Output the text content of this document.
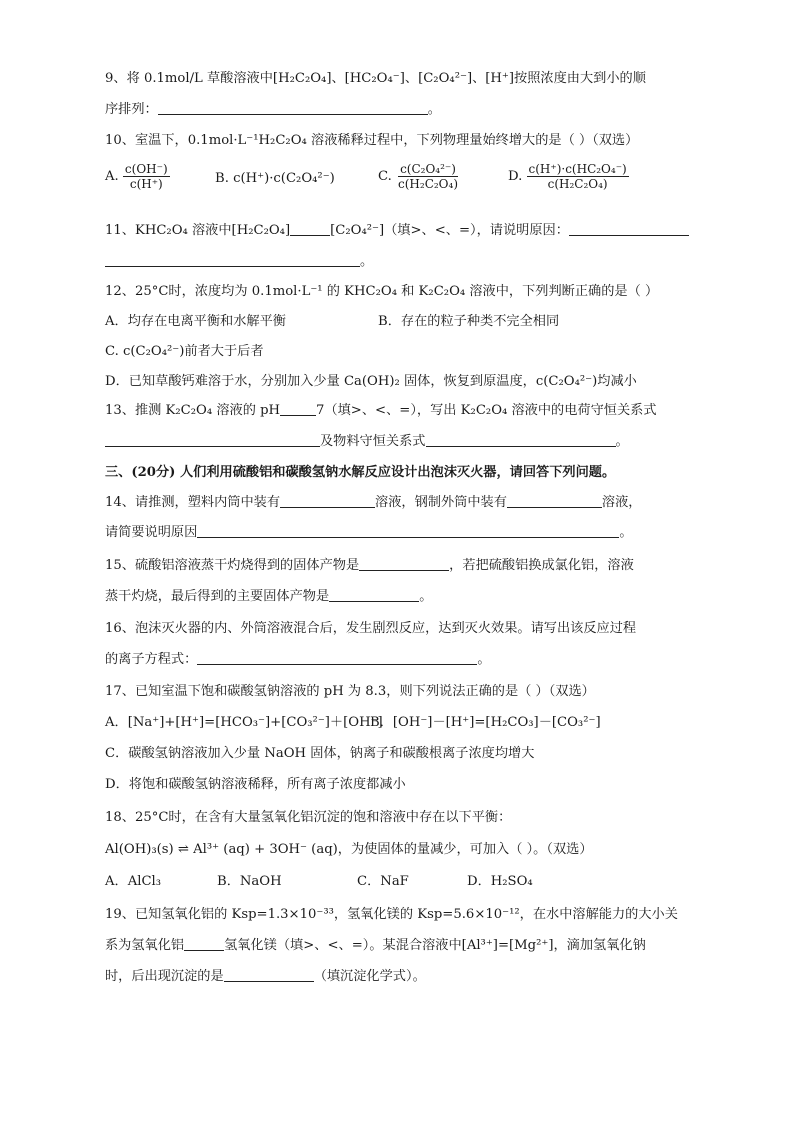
9、将 0.1mol/L 草酸溶液中[H₂C₂O₄]、[HC₂O₄⁻]、[C₂O₄²⁻]、[H⁺]按照浓度由大到小的顺
序排列：	。
10、室温下，0.1mol·L⁻¹H₂C₂O₄ 溶液稀释过程中，下列物理量始终增大的是（ ）（双选）
A. $\frac{c(OH^-)}{c(H^+)}$	B. c(H⁺)·c(C₂O₄²⁻)	C. $\frac{\text{c(C₂O₄²⁻)}}{\text{c(H₂C₂O₄)}}$	D. $\frac{\text{c(H⁺)·c(HC₂O₄⁻)}}{\text{c(H₂C₂O₄)}}$
11、KHC₂O₄ 溶液中[H₂C₂O₄]	[C₂O₄²⁻]（填>、<、=），请说明原因：
。
12、25°C时，浓度均为 0.1mol·L⁻¹ 的 KHC₂O₄ 和 K₂C₂O₄ 溶液中，下列判断正确的是（ ）
A．均存在电离平衡和水解平衡	B．存在的粒子种类不完全相同
C. c(C₂O₄²⁻)前者大于后者
D．已知草酸钙难溶于水，分别加入少量 Ca(OH)₂ 固体，恢复到原温度，c(C₂O₄²⁻)均减小
13、推测 K₂C₂O₄ 溶液的 pH	7（填>、<、=），写出 K₂C₂O₄ 溶液中的电荷守恒关系式
及物料守恒关系式	。
三、(20分) 人们利用硫酸铝和碳酸氢钠水解反应设计出泡沫灭火器，请回答下列问题。
14、请推测，塑料内筒中装有	溶液，钢制外筒中装有	溶液，
请简要说明原因	。
15、硫酸铝溶液蒸干灼烧得到的固体产物是	，若把硫酸铝换成氯化铝，溶液
蒸干灼烧，最后得到的主要固体产物是	。
16、泡沫灭火器的内、外筒溶液混合后，发生剧烈反应，达到灭火效果。请写出该反应过程
的离子方程式：	。
17、已知室温下饱和碳酸氢钠溶液的 pH 为 8.3，则下列说法正确的是（ ）（双选）
A．[Na⁺]+[H⁺]=[HCO₃⁻]+[CO₃²⁻]＋[OH⁻]
B．[OH⁻]－[H⁺]=[H₂CO₃]－[CO₃²⁻]
C．碳酸氢钠溶液加入少量 NaOH 固体，钠离子和碳酸根离子浓度均增大
D．将饱和碳酸氢钠溶液稀释，所有离子浓度都减小
18、25°C时，在含有大量氢氧化铝沉淀的饱和溶液中存在以下平衡：
Al(OH)₃(s) ⇌ Al³⁺ (aq) + 3OH⁻ (aq)，为使固体的量减少，可加入（ ）。（双选）
A．AlCl₃	B．NaOH	C．NaF	D．H₂SO₄
19、已知氢氧化铝的 Ksp=1.3×10⁻³³，氢氧化镁的 Ksp=5.6×10⁻¹²，在水中溶解能力的大小关
系为氢氧化铝	氢氧化镁（填>、<、=）。某混合溶液中[Al³⁺]=[Mg²⁺]，滴加氢氧化钠
时，后出现沉淀的是	（填沉淀化学式）。
